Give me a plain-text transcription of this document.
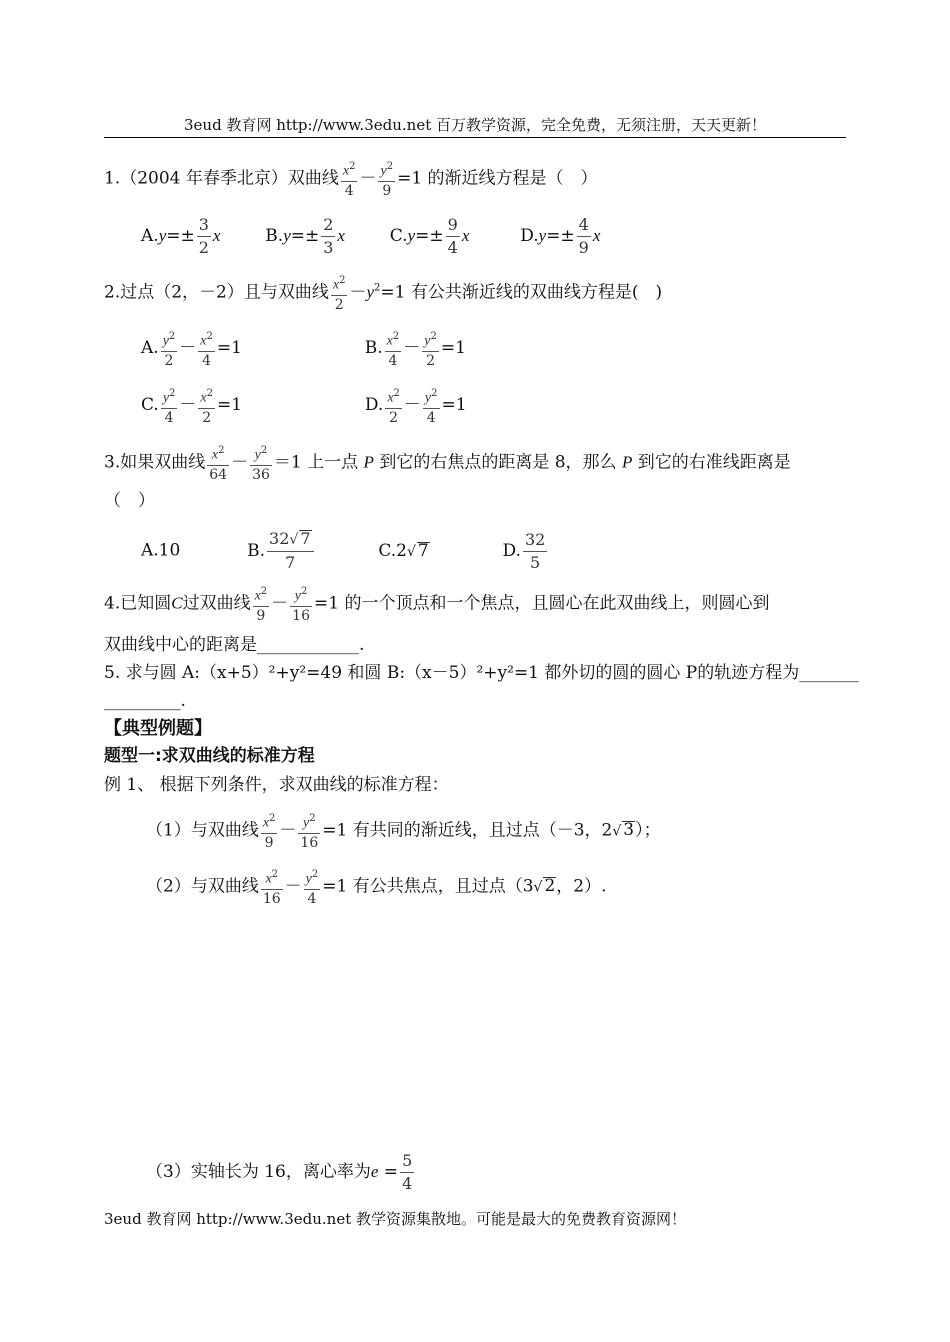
3eud 教育网 http://www.3edu.net 百万教学资源，完全免费，无须注册，天天更新！
1.（2004 年春季北京）双曲线 $\frac{x^2}{4} - \frac{y^2}{9} =1$ 的渐近线方程是（　）
$A.y=\pm \frac{3}{2}$ x	$B.y=\pm \frac{2}{3}$ x	$C.y=\pm \frac{9}{4}$ x	$D.y=\pm \frac{4}{9}$ x
2.过点（2，－2）且与双曲线 $\frac{x^2}{2} -y^2=1$ 有公共渐近线的双曲线方程是(　)
A. $\frac{y^2}{2} - \frac{x^2}{4} =1$	B. $\frac{x^2}{4} - \frac{y^2}{2} =1$
C. $\frac{y^2}{4} - \frac{x^2}{2} =1$	D. $\frac{x^2}{2} - \frac{y^2}{4} =1$
3.如果双曲线 $\frac{x^2}{64} - \frac{y^2}{36} =1$ 上一点 P 到它的右焦点的距离是 8，那么 P 到它的右准线距离是
（　）
A.10	B. $\frac{32√ 7}{7}$	C.2√ 7	D. $\frac{32}{5}$
4.已知圆C过双曲线 $\frac{x^2}{9} - \frac{y^2}{16} =1$ 的一个顶点和一个焦点，且圆心在此双曲线上，则圆心到
双曲线中心的距离是____________.
5. 求与圆 A:（x+5）²+y²=49 和圆 B:（x－5）²+y²=1 都外切的圆的圆心 P的轨迹方程为_______
_________.
【典型例题】
题型一:求双曲线的标准方程
例 1、 根据下列条件，求双曲线的标准方程：
（1）与双曲线 $\frac{x^2}{9} - \frac{y^2}{16} =1$ 有共同的渐近线，且过点（－3，2√ 3）；
（2）与双曲线 $\frac{x^2}{16} - \frac{y^2}{4} =1$ 有公共焦点，且过点（3√ 2，2）.
（3）实轴长为 16，离心率为$e = \frac{5}{4}$
3eud 教育网 http://www.3edu.net 教学资源集散地。可能是最大的免费教育资源网！
